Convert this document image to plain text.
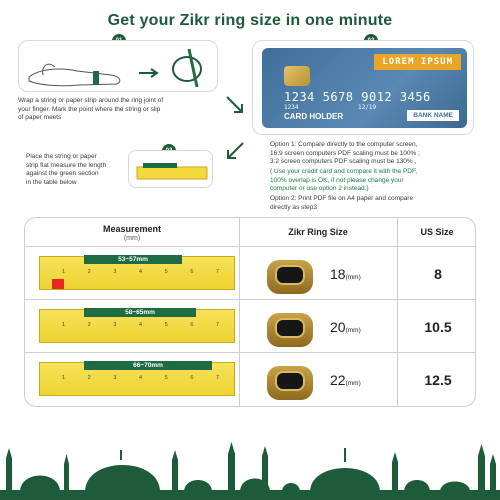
Get your Zikr ring size in one minute
Wrap a string or paper strip around the ring joint of
your finger. Mark the point where the string or slip
of paper meets
LOREM IPSUM
1234 5678 9012 3456
1234	12/19
CARD HOLDER	BANK NAME
Place the string or paper
strip flat measure the length
against the green section
in the table below
Option 1: Compare directly to the computer screen,
16:9 screen computers PDF scaling must be 100% ;
3:2 screen computers PDF scaling must be 130% ,
( Use your credit card and compare it with the PDF,
100% overlap is OK, if not please change your
computer or use option 2 instead.)
Option 2: Print PDF file on A4 paper and compare
directly as step3
Measurement
(mm)
Zikr Ring Size	US Size
53~57mm
1	2	3	4	5	6	7	18(mm)	8
58~65mm
1	2	3	4	5	6	7	20(mm)	10.5
66~70mm
1	2	3	4	5	6	7	22(mm)	12.5
